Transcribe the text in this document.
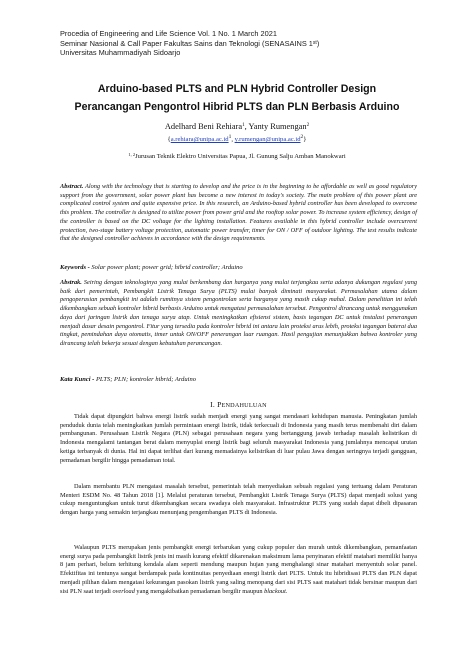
Procedia of Engineering and Life Science Vol. 1 No. 1 March 2021
Seminar Nasional & Call Paper Fakultas Sains dan Teknologi (SENASAINS 1st)
Universitas Muhammadiyah Sidoarjo
Arduino-based PLTS and PLN Hybrid Controller Design
Perancangan Pengontrol Hibrid PLTS dan PLN Berbasis Arduino
Adelhard Beni Rehiara$^1$, Yanty Rumengan$^2$
{$a.rehiara@unipa.ac.id^1$, $y.rumengan@unipa.ac.id^2$}
$^{1, 2}$Jurusan Teknik Elektro Universitas Papua, Jl. Gunung Salju Amban Manokwari
Abstract. Along with the technology that is starting to develop and the price is in the beginning to be affordable as well as good regulatory support from the government, solar power plant has become a new interest in today's society. The main problem of this power plant are complicated control system and quite expensive price. In this research, an Arduino-based hybrid controller has been developed to overcome this problem. The controller is designed to utilize power from power grid and the rooftop solar power. To increase system efficiency, design of the controller is based on the DC voltage for the lighting installation. Features available in this hybrid controller include overcurrent protection, two-stage battery voltage protection, automatic power transfer, timer for ON / OFF of outdoor lighting. The test results indicate that the designed controller achieves in accordance with the design requirements.
Keywords - Solar power plant; power grid; hibrid controller; Arduino
Abstrak. Seiring dengan teknologinya yang mulai berkembang dan harganya yang mulai terjangkau serta adanya dukungan regulasi yang baik dari pemerintah, Pembangkit Listrik Tenaga Surya (PLTS) mulai banyak diminati masyarakat. Permasalahan utama dalam pengoperasian pembangkit ini adalah rumitnya sistem pengontrolan serta harganya yang masih cukup mahal. Dalam penelitian ini telah dikembangkan sebuah kontroler hibrid berbasis Arduino untuk mengatasi permasalahan tersebut. Pengontrol dirancang untuk menggunakan daya dari jaringan listrik dan tenaga surya atap. Untuk meningkatkan efisiensi sistem, basis tegangan DC untuk instalasi penerangan menjadi dasar desain pengontrol. Fitur yang tersedia pada kontroler hibrid ini antara lain proteksi arus lebih, proteksi tegangan baterai dua tingkat, pemindahan daya otomatis, timer untuk ON/OFF penerangan luar ruangan. Hasil pengujian menunjukkan bahwa kontroler yang dirancang telah bekerja sesuai dengan kebutuhan perancangan.
Kata Kunci - PLTS; PLN; kontroler hibrid; Arduino
I. PENDAHULUAN

Tidak dapat dipungkiri bahwa energi listrik sudah menjadi energi yang sangat mendasari kehidupan manusia. Peningkatan jumlah penduduk dunia telah meningkatkan jumlah permintaan energi listrik, tidak terkecuali di Indonesia yang masih terus membenahi diri dalam pembangunan. Perusahaan Listrik Negara (PLN) sebagai perusahaan negara yang bertanggung jawab terhadap masalah kelistrikan di Indonesia mengalami tantangan berat dalam menyuplai energi listrik bagi seluruh masyarakat Indonesia yang jumlahnya mencapai urutan ketiga terbanyak di dunia. Hal ini dapat terlihat dari kurang memadainya kelistrikan di luar pulau Jawa dengan seringnya terjadi gangguan, pemadaman bergilir hingga pemadaman total.

Dalam membantu PLN mengatasi masalah tersebut, pemerintah telah menyediakan sebuah regulasi yang tertuang dalam Peraturan Menteri ESDM No. 48 Tahun 2018 [1]. Melalui peraturan tersebut, Pembangkit Listrik Tenaga Surya (PLTS) dapat menjadi solusi yang cukup menguntungkan untuk turut dikembangkan secara swadaya oleh masyarakat. Infrastruktur PLTS yang sudah dapat dibeli dipasaran dengan harga yang semakin terjangkau menunjang pengembangan PLTS di Indonesia.

Walaupun PLTS merupakan jenis pembangkit energi terbarukan yang cukup populer dan murah untuk dikembangkan, pemanfaatan energi surya pada pembangkit listrik jenis ini masih kurang efektif dikarenakan maksimum lama penyinaran efektif matahari memiliki hanya 8 jam perhari, belum terhitung kendala alam seperti mendung maupun hujan yang menghalangi sinar matahari menyentuh solar panel. Efektifitas ini tentunya sangat berdampak pada kontinuitas penyediaan energi listrik dari PLTS. Untuk itu hibridisasi PLTS dan PLN dapat menjadi pilihan dalam mengatasi kekurangan pasokan listrik yang saling menopang dari sisi PLTS saat matahari tidak bersinar maupun dari sisi PLN saat terjadi overload yang mengakibatkan pemadaman bergilir maupun blackout.
